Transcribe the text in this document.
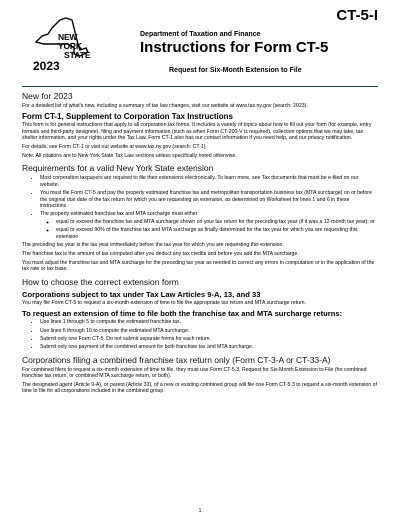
NEW
YORK
STATE
2023
Department of Taxation and Finance
Instructions for Form CT-5
Request for Six-Month Extension to File
CT-5-I
New for 2023

For a detailed list of what's new, including a summary of tax law changes, visit our website at www.tax.ny.gov (search: 2023).

Form CT-1, Supplement to Corporation Tax Instructions

This form is for general instructions that apply to all corporation tax forms. It includes a variety of topics about how to fill out your form (for example, entry formats and third-party designee), filing and payment information (such as when Form CT-200-V is required), collection options that we may take, tax shelter information, and your rights under the Tax Law. Form CT-1 also has our contact information if you need help, and our privacy notification.

For details, see Form CT-1 or visit our website at www.tax.ny.gov (search: CT-1).

Note: All citations are to New York State Tax Law sections unless specifically noted otherwise.

Requirements for a valid New York State extension
• Most corporation taxpayers are required to file their extensions electronically. To learn more, see Tax documents that must be e-filed on our website.
• You must file Form CT-5 and pay the properly estimated franchise tax and metropolitan transportation business tax (MTA surcharge) on or before the original due date of the tax return for which you are requesting an extension, as determined on Worksheet for lines 1 and 6 in these instructions.
• The properly estimated franchise tax and MTA surcharge must either:
◦ equal or exceed the franchise tax and MTA surcharge shown on your tax return for the preceding tax year (if it was a 12-month tax year); or
◦ equal or exceed 90% of the franchise tax and MTA surcharge as finally determined for the tax year for which you are requesting this extension

The preceding tax year is the tax year immediately before the tax year for which you are requesting this extension.

The franchise tax is the amount of tax computed after you deduct any tax credits and before you add the MTA surcharge.

You must adjust the franchise tax and MTA surcharge for the preceding tax year as needed to correct any errors in computation or in the application of the tax rate or tax base.

How to choose the correct extension form
Corporations subject to tax under Tax Law Articles 9-A, 13, and 33

You may file Form CT-5 to request a six-month extension of time to file the appropriate tax return and MTA surcharge return.

To request an extension of time to file both the franchise tax and MTA surcharge returns:
• Use lines 1 through 5 to compute the estimated franchise tax.
• Use lines 6 through 10 to compute the estimated MTA surcharge.
• Submit only one Form CT-5. Do not submit separate forms for each return.
• Submit only one payment of the combined amount for both franchise tax and MTA surcharge.
Corporations filing a combined franchise tax return only (Form CT-3-A or CT-33-A)

For combined filers to request a six-month extension of time to file, they must use Form CT-5.3, Request for Six-Month Extension to File (for combined franchise tax return, or combined MTA surcharge return, or both).

The designated agent (Article 9-A), or parent (Article 33), of a new or existing combined group will file one Form CT-5.3 to request a six-month extension of time to file for all corporations included in the combined group.

1
